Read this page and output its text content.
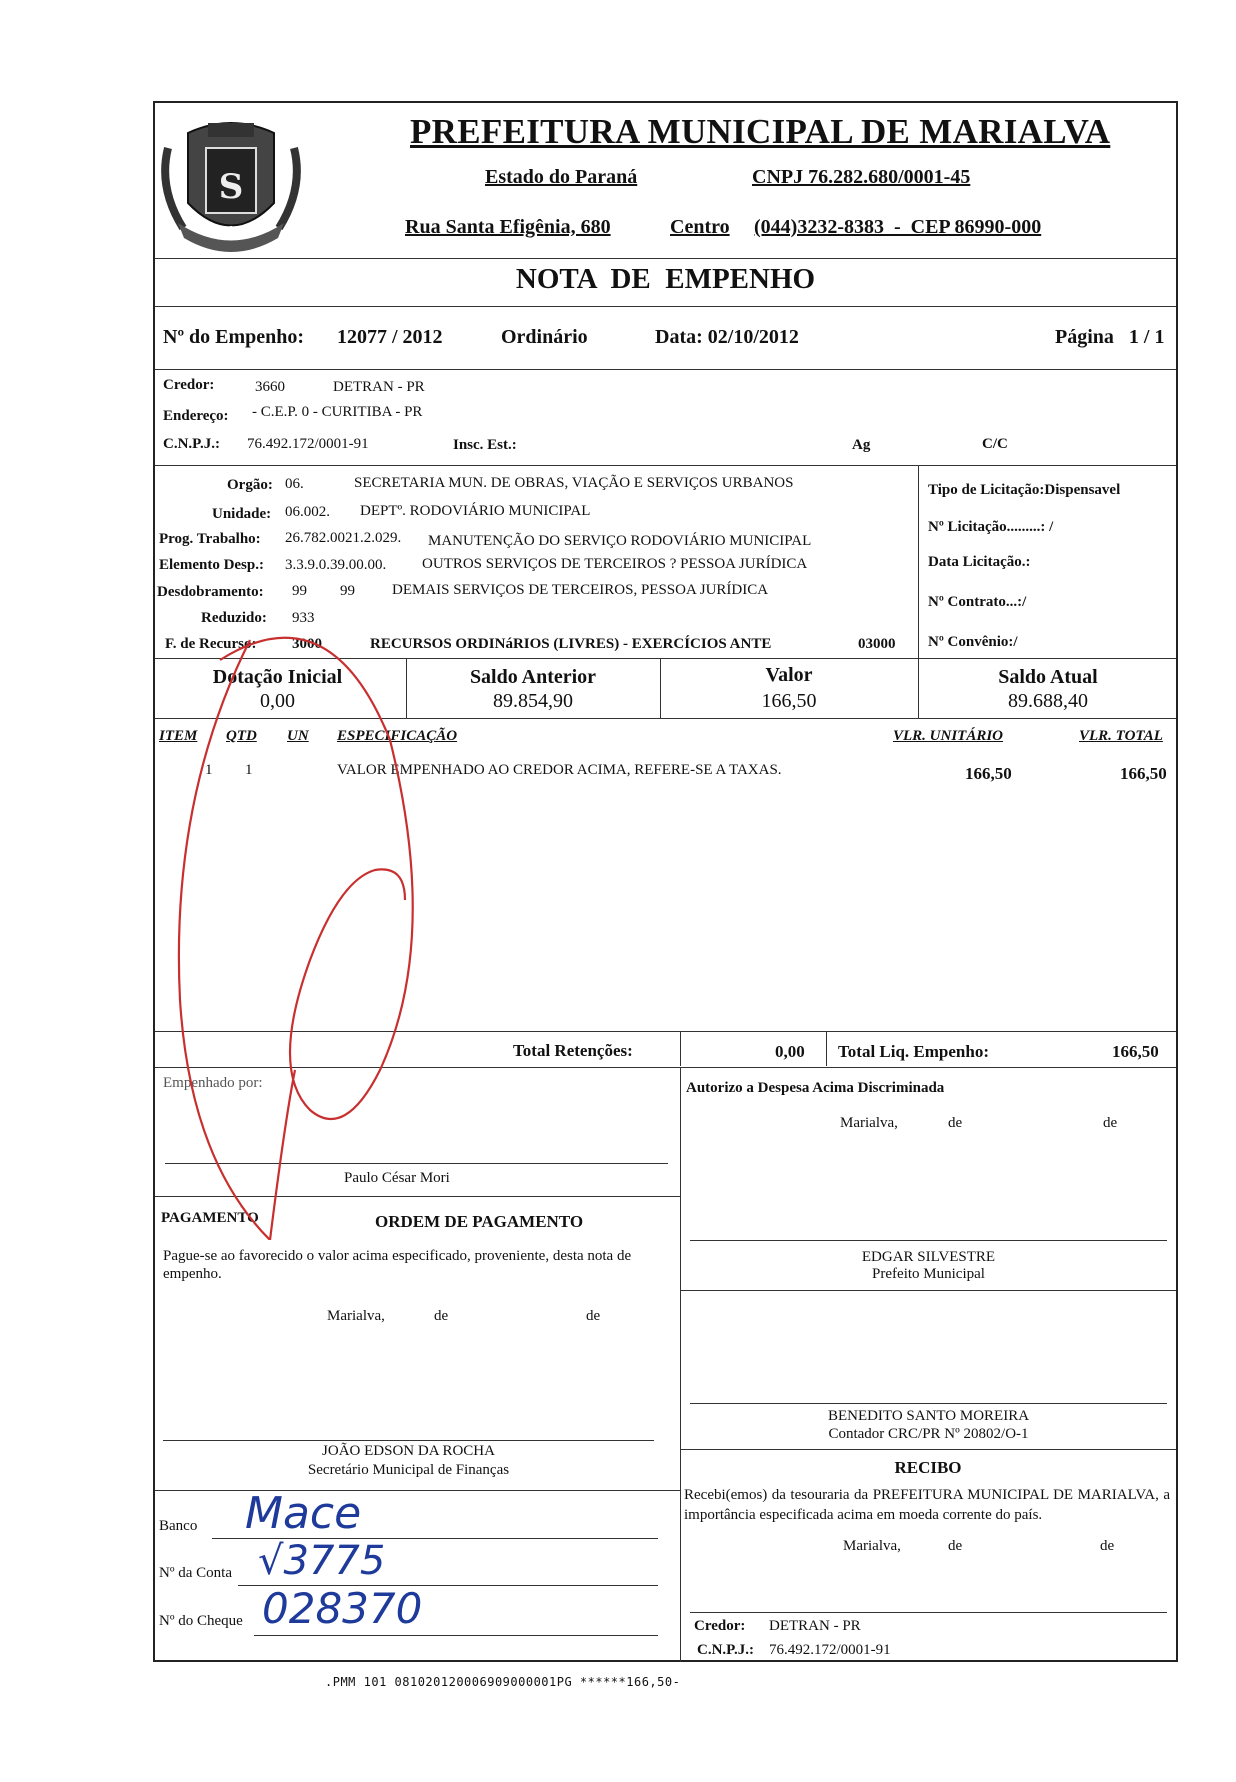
S
MARIALVA
PREFEITURA MUNICIPAL DE MARIALVA
Estado do Paraná	CNPJ 76.282.680/0001-45
Rua Santa Efigênia, 680	Centro (044)3232-8383  -  CEP 86990-000
NOTA  DE  EMPENHO
Nº do Empenho: 12077 / 2012	Ordinário	Data: 02/10/2012	Página   1 / 1
Credor:	3660	DETRAN - PR
Endereço: - C.E.P. 0 - CURITIBA - PR
C.N.P.J.: 76.492.172/0001-91	Insc. Est.:	Ag	C/C
Orgão: 06.	SECRETARIA MUN. DE OBRAS, VIAÇÃO E SERVIÇOS URBANOS
Unidade: 06.002. DEPTº. RODOVIÁRIO MUNICIPAL
Prog. Trabalho: 26.782.0021.2.029. MANUTENÇÃO DO SERVIÇO RODOVIÁRIO MUNICIPAL
Elemento Desp.: 3.3.9.0.39.00.00. OUTROS SERVIÇOS DE TERCEIROS ? PESSOA JURÍDICA
Desdobramento: 99 99 DEMAIS SERVIÇOS DE TERCEIROS, PESSOA JURÍDICA
Reduzido: 933
F. de Recurso: 3000	RECURSOS ORDINáRIOS (LIVRES) - EXERCÍCIOS ANTE	03000
Tipo de Licitação:Dispensavel
Nº Licitação.........: /
Data Licitação.:
Nº Contrato...:/
Nº Convênio:/
Dotação Inicial
0,00
Saldo Anterior
89.854,90
Valor
166,50
Saldo Atual
89.688,40
ITEM QTD UN ESPECIFICAÇÃO	VLR. UNITÁRIO	VLR. TOTAL
1 1	VALOR EMPENHADO AO CREDOR ACIMA, REFERE-SE A TAXAS.	166,50	166,50
Total Retenções:	0,00 Total Liq. Empenho:	166,50
Empenhado por:
Paulo César Mori
PAGAMENTO	ORDEM DE PAGAMENTO
Pague-se ao favorecido o valor acima especificado, proveniente, desta nota de empenho.
Marialva,	de	de
JOÃO EDSON DA ROCHA
Secretário Municipal de Finanças
Banco Mace
Nº da Conta √3775
Nº do Cheque 028370
Autorizo a Despesa Acima Discriminada
Marialva,	de	de
EDGAR SILVESTRE
Prefeito Municipal
BENEDITO SANTO MOREIRA
Contador CRC/PR Nº 20802/O-1
RECIBO
Recebi(emos) da tesouraria da PREFEITURA MUNICIPAL DE MARIALVA, a importância especificada acima em moeda corrente do país.
Marialva,	de	de
Credor: DETRAN - PR
C.N.P.J.: 76.492.172/0001-91
.PMM 101 081020120006909000001PG ******166,50-
